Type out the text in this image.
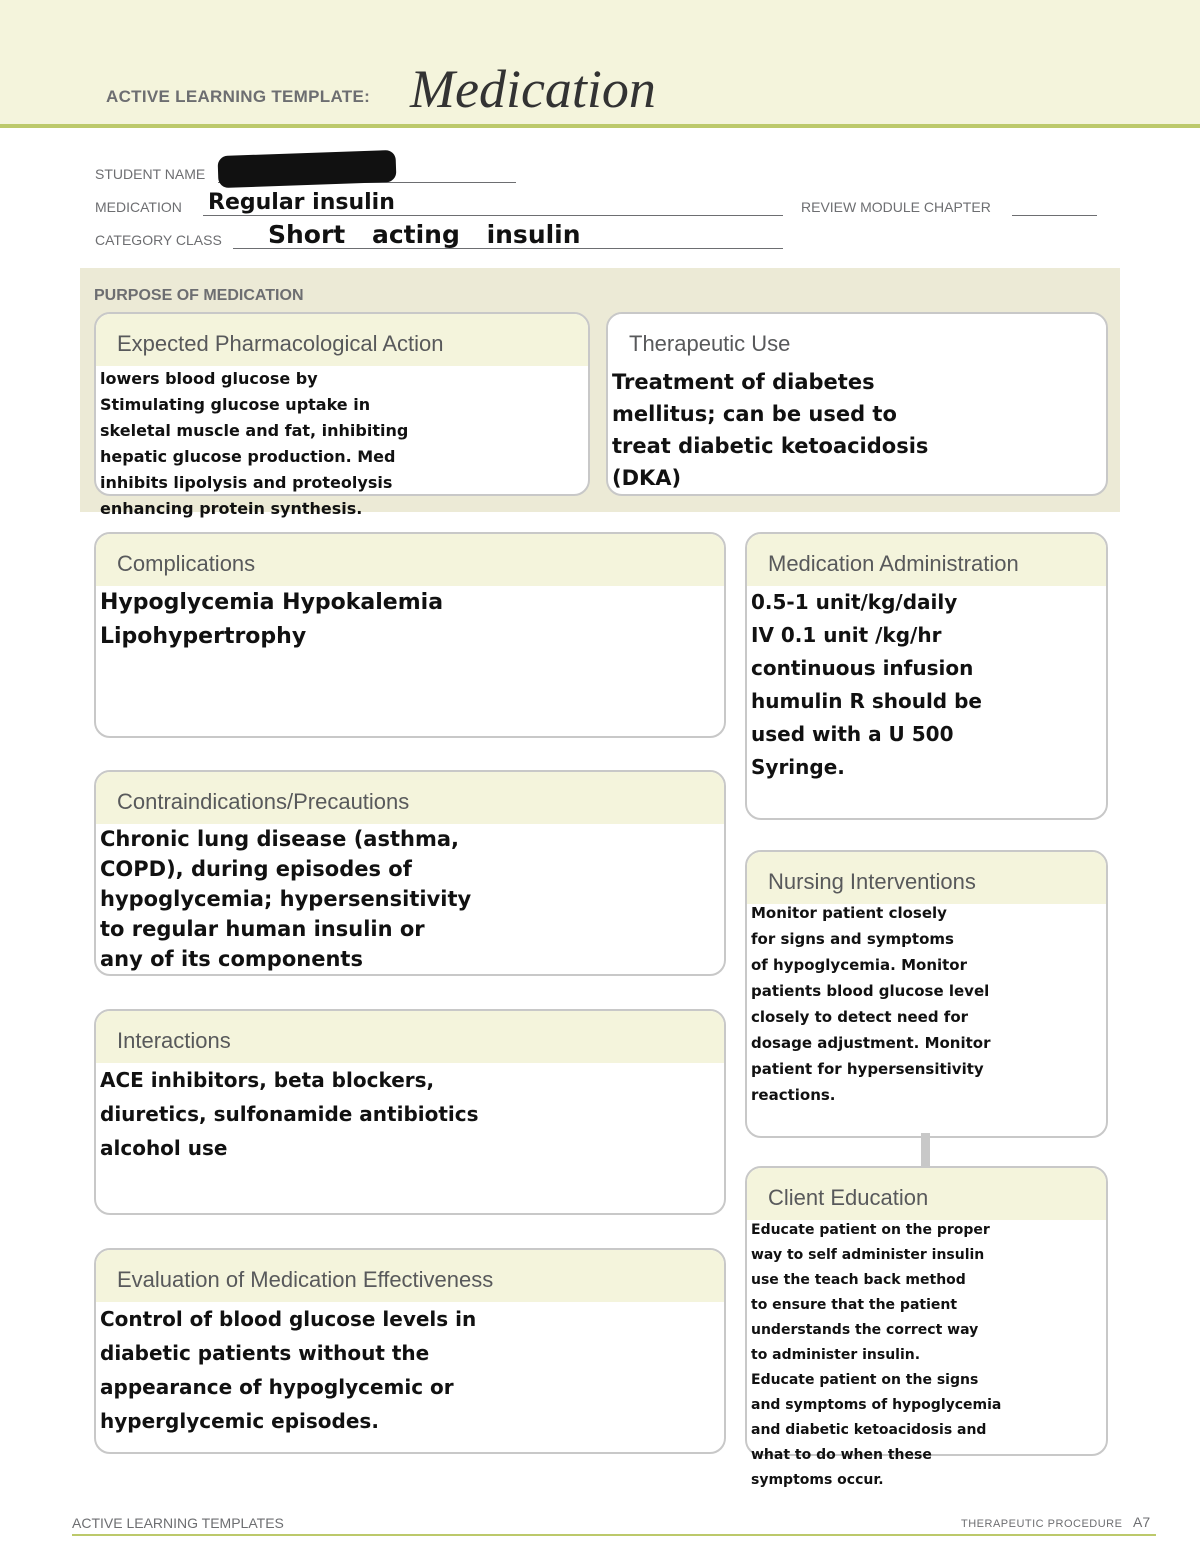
ACTIVE LEARNING TEMPLATE: Medication
STUDENT NAME
MEDICATION Regular insulin	REVIEW MODULE CHAPTER
CATEGORY CLASS Short acting insulin
PURPOSE OF MEDICATION
Expected Pharmacological Action
lowers blood glucose by
Stimulating glucose uptake in
skeletal muscle and fat, inhibiting
hepatic glucose production. Med
inhibits lipolysis and proteolysis
enhancing protein synthesis.
Therapeutic Use
Treatment of diabetes
mellitus; can be used to
treat diabetic ketoacidosis
(DKA)
Complications
Hypoglycemia Hypokalemia
Lipohypertrophy
Medication Administration
0.5-1 unit/kg/daily
IV 0.1 unit /kg/hr
continuous infusion
humulin R should be
used with a U 500
Syringe.
Contraindications/Precautions
Chronic lung disease (asthma,
COPD), during episodes of
hypoglycemia; hypersensitivity
to regular human insulin or
any of its components
Nursing Interventions
Monitor patient closely
for signs and symptoms
of hypoglycemia. Monitor
patients blood glucose level
closely to detect need for
dosage adjustment. Monitor
patient for hypersensitivity
reactions.
Interactions
ACE inhibitors, beta blockers,
diuretics, sulfonamide antibiotics
alcohol use
Client Education
Educate patient on the proper
way to self administer insulin
use the teach back method
to ensure that the patient
understands the correct way
to administer insulin.
Educate patient on the signs
and symptoms of hypoglycemia
and diabetic ketoacidosis and
what to do when these
symptoms occur.
Evaluation of Medication Effectiveness
Control of blood glucose levels in
diabetic patients without the
appearance of hypoglycemic or
hyperglycemic episodes.
ACTIVE LEARNING TEMPLATES	THERAPEUTIC PROCEDURE A7
